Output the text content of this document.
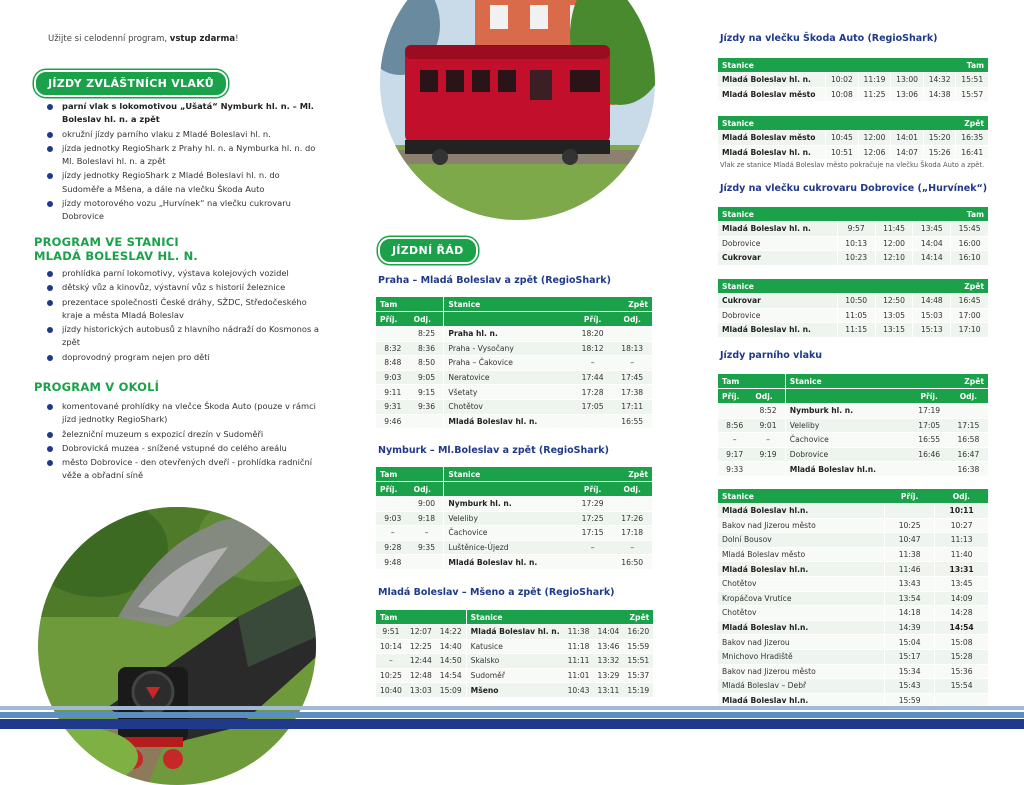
Užijte si celodenní program, vstup zdarma!
JÍZDY ZVLÁŠTNÍCH VLAKŮ
parní vlak s lokomotivou „Ušatá“ Nymburk hl. n. – Ml. Boleslav hl. n. a zpět
okružní jízdy parního vlaku z Mladé Boleslavi hl. n.
jízda jednotky RegioShark z Prahy hl. n. a Nymburka hl. n. do Ml. Boleslavi hl. n. a zpět
jízdy jednotky RegioShark z Mladé Boleslavi hl. n. do Sudoměře a Mšena, a dále na vlečku Škoda Auto
jízdy motorového vozu „Hurvínek“ na vlečku cukrovaru Dobrovice
PROGRAM VE STANICI
MLADÁ BOLESLAV HL. N.
prohlídka parní lokomotivy, výstava kolejových vozidel
dětský vůz a kinovůz, výstavní vůz s historií železnice
prezentace společnosti České dráhy, SŽDC, Středočeského kraje a města Mladá Boleslav
jízdy historických autobusů z hlavního nádraží do Kosmonos a zpět
doprovodný program nejen pro děti
PROGRAM V OKOLÍ
komentované prohlídky na vlečce Škoda Auto (pouze v rámci jízd jednotky RegioShark)
železniční muzeum s expozicí drezín v Sudoměři
Dobrovická muzea - snížené vstupné do celého areálu
město Dobrovice - den otevřených dveří - prohlídka radniční věže a obřadní síně
JÍZDNÍ ŘÁD
Praha – Mladá Boleslav a zpět (RegioShark)
Tam		Stanice	Zpět	
Příj.	Odj.		Příj.	Odj.
	8:25	Praha hl. n.	18:20	
8:32	8:36	Praha - Vysočany	18:12	18:13
8:48	8:50	Praha – Čakovice	–	–
9:03	9:05	Neratovice	17:44	17:45
9:11	9:15	Všetaty	17:28	17:38
9:31	9:36	Chotětov	17:05	17:11
9:46		Mladá Boleslav hl. n.		16:55
Nymburk – Ml.Boleslav a zpět (RegioShark)
Tam		Stanice	Zpět	
Příj.	Odj.		Příj.	Odj.
	9:00	Nymburk hl. n.	17:29	
9:03	9:18	Veleliby	17:25	17:26
–	–	Čachovice	17:15	17:18
9:28	9:35	Luštěnice-Újezd	–	–
9:48		Mladá Boleslav hl. n.		16:50
Mladá Boleslav – Mšeno a zpět (RegioShark)
Tam			Stanice	Zpět		
9:51	12:07	14:22	Mladá Boleslav hl. n.	11:38	14:04	16:20
10:14	12:25	14:40	Katusice	11:18	13:46	15:59
–	12:44	14:50	Skalsko	11:11	13:32	15:51
10:25	12:48	14:54	Sudoměř	11:01	13:29	15:37
10:40	13:03	15:09	Mšeno	10:43	13:11	15:19
Jízdy na vlečku Škoda Auto (RegioShark)
Stanice	Tam				
Mladá Boleslav hl. n.	10:02	11:19	13:00	14:32	15:51
Mladá Boleslav město	10:08	11:25	13:06	14:38	15:57
Stanice	Zpět				
Mladá Boleslav město	10:45	12:00	14:01	15:20	16:35
Mladá Boleslav hl. n.	10:51	12:06	14:07	15:26	16:41
Vlak ze stanice Mladá Boleslav město pokračuje na vlečku Škoda Auto a zpět.
Jízdy na vlečku cukrovaru Dobrovice („Hurvínek“)
Stanice	Tam			
Mladá Boleslav hl. n.	9:57	11:45	13:45	15:45
Dobrovice	10:13	12:00	14:04	16:00
Cukrovar	10:23	12:10	14:14	16:10
Stanice	Zpět			
Cukrovar	10:50	12:50	14:48	16:45
Dobrovice	11:05	13:05	15:03	17:00
Mladá Boleslav hl. n.	11:15	13:15	15:13	17:10
Jízdy parního vlaku
Tam		Stanice	Zpět	
Příj.	Odj.		Příj.	Odj.
	8:52	Nymburk hl. n.	17:19	
8:56	9:01	Veleliby	17:05	17:15
–	–	Čachovice	16:55	16:58
9:17	9:19	Dobrovice	16:46	16:47
9:33		Mladá Boleslav hl.n.		16:38
Stanice	Příj.	Odj.
Mladá Boleslav hl.n.		10:11
Bakov nad Jizerou město	10:25	10:27
Dolní Bousov	10:47	11:13
Mladá Boleslav město	11:38	11:40
Mladá Boleslav hl.n.	11:46	13:31
Chotětov	13:43	13:45
Kropáčova Vrutice	13:54	14:09
Chotětov	14:18	14:28
Mladá Boleslav hl.n.	14:39	14:54
Bakov nad Jizerou	15:04	15:08
Mnichovo Hradiště	15:17	15:28
Bakov nad Jizerou město	15:34	15:36
Mladá Boleslav – Debř	15:43	15:54
Mladá Boleslav hl.n.	15:59	
